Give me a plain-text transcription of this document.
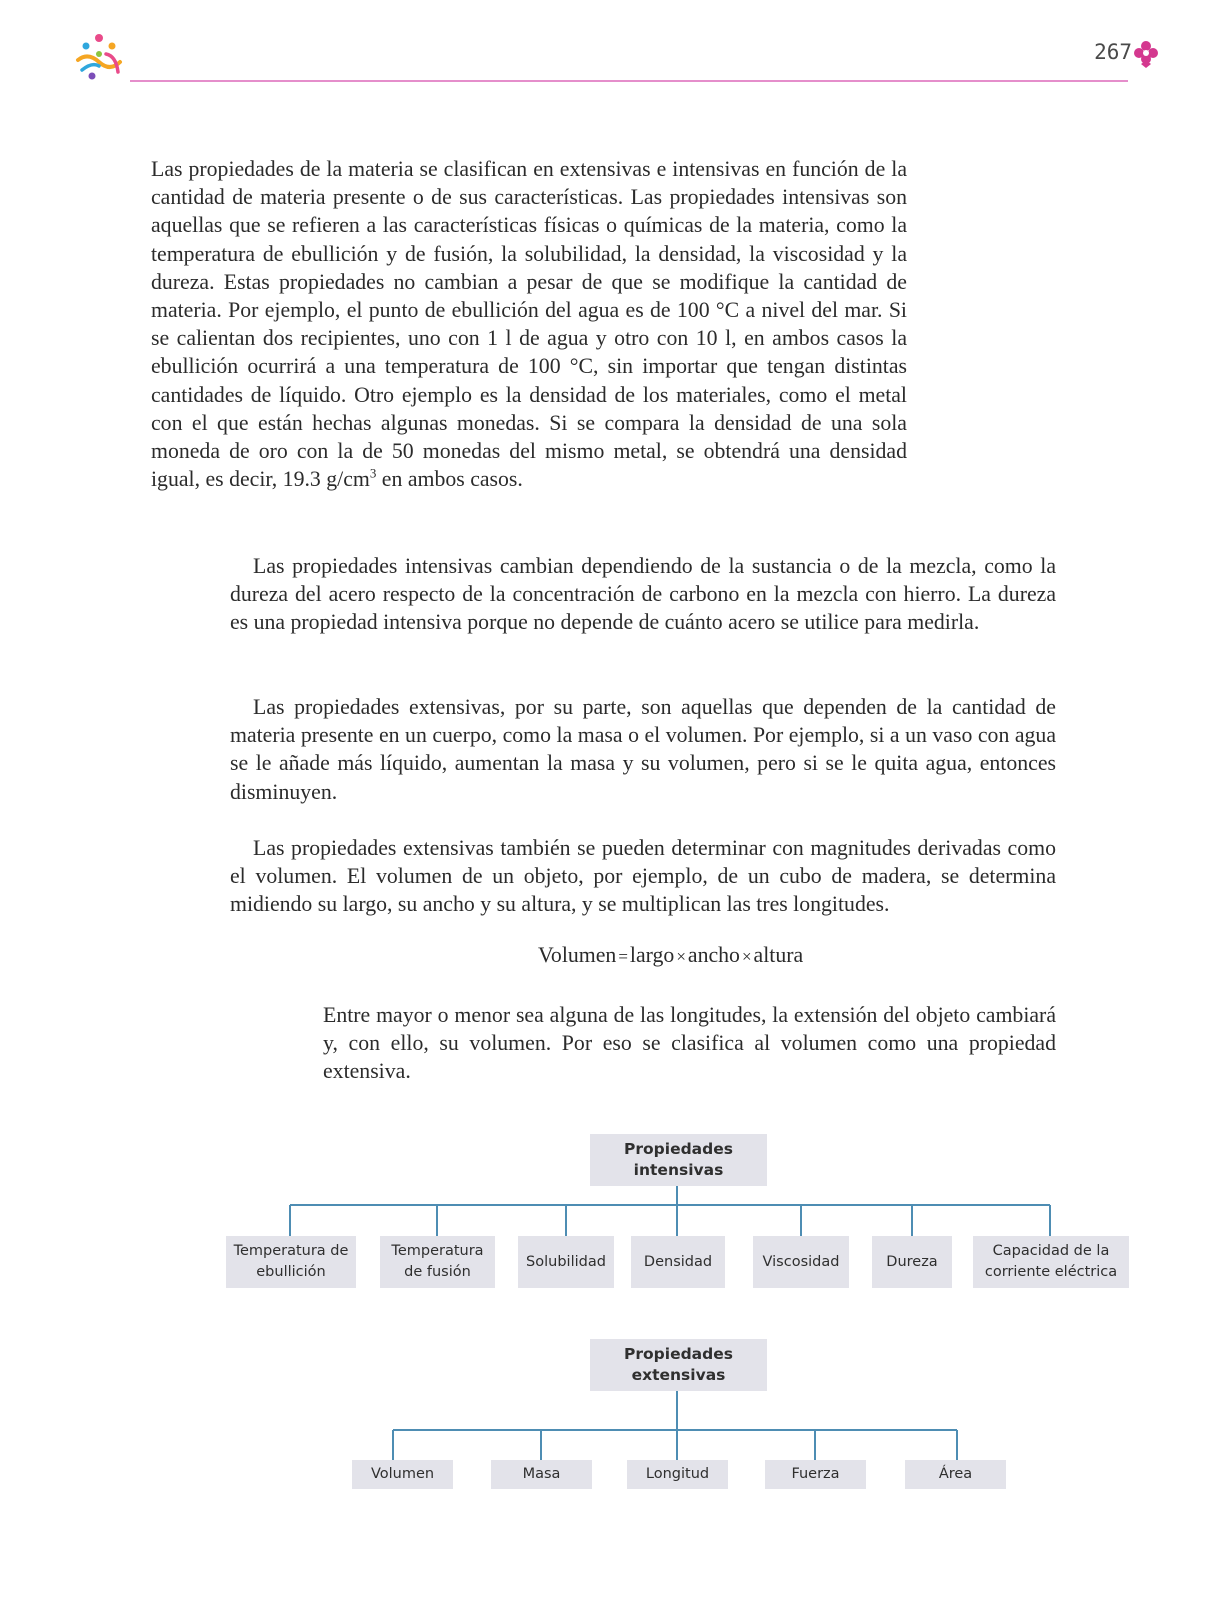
267

Las propiedades de la materia se clasifican en extensivas e intensivas en función de la cantidad de materia presente o de sus características. Las propiedades intensivas son aquellas que se refieren a las características físicas o químicas de la materia, como la temperatura de ebullición y de fusión, la solubilidad, la densidad, la viscosidad y la dureza. Estas propiedades no cambian a pesar de que se modifique la cantidad de materia. Por ejemplo, el punto de ebullición del agua es de 100 °C a nivel del mar. Si se calientan dos recipientes, uno con 1 l de agua y otro con 10 l, en ambos casos la ebullición ocurrirá a una temperatura de 100 °C, sin importar que tengan distintas cantidades de líquido. Otro ejemplo es la densidad de los materiales, como el metal con el que están hechas algunas monedas. Si se compara la densidad de una sola moneda de oro con la de 50 monedas del mismo metal, se obtendrá una densidad igual, es decir, 19.3 $g/cm^3$ en ambos casos.

Las propiedades intensivas cambian dependiendo de la sustancia o de la mezcla, como la dureza del acero respecto de la concentración de carbono en la mezcla con hierro. La dureza es una propiedad intensiva porque no depende de cuánto acero se utilice para medirla.

Las propiedades extensivas, por su parte, son aquellas que dependen de la cantidad de materia presente en un cuerpo, como la masa o el volumen. Por ejemplo, si a un vaso con agua se le añade más líquido, aumentan la masa y su volumen, pero si se le quita agua, entonces disminuyen.

Las propiedades extensivas también se pueden determinar con magnitudes derivadas como el volumen. El volumen de un objeto, por ejemplo, de un cubo de madera, se determina midiendo su largo, su ancho y su altura, y se multiplican las tres longitudes.

Volumen =largo ×ancho ×altura

Entre mayor o menor sea alguna de las longitudes, la extensión del objeto cambiará y, con ello, su volumen. Por eso se clasifica al volumen como una propiedad extensiva.

Propiedades
intensivas
Temperatura de
ebullición
Temperatura
de fusión
Solubilidad	Densidad	Viscosidad	Dureza
Capacidad de la
corriente eléctrica
Propiedades
extensivas
Volumen	Masa	Longitud	Fuerza	Área
